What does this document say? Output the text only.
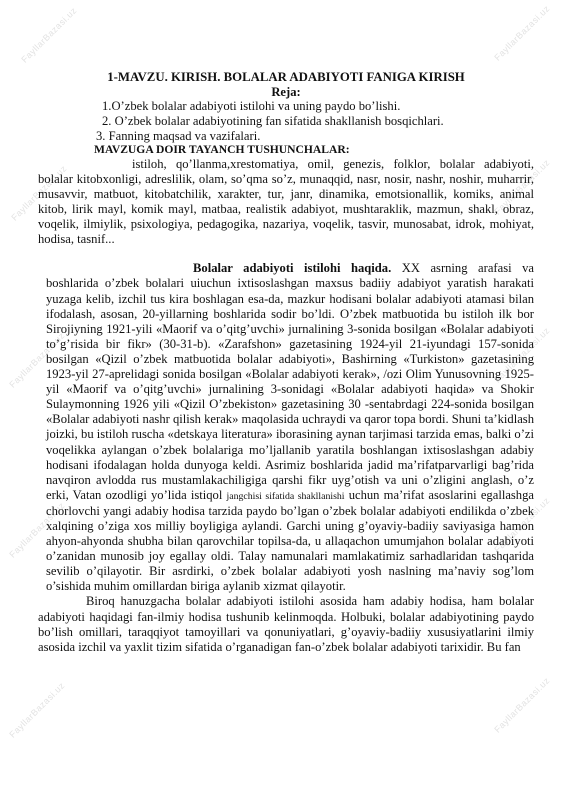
FayllarBazasi.uz	FayllarBazasi.uz
FayllarBazasi.uz	FayllarBazasi.uz
FayllarBazasi.uz	FayllarBazasi.uz
FayllarBazasi.uz	FayllarBazasi.uz
FayllarBazasi.uz	FayllarBazasi.uz

1-MAVZU. KIRISH. BOLALAR ADABIYOTI FANIGA KIRISH

Reja:

1.O’zbek bolalar adabiyoti istilohi va uning paydo bo’lishi.
2. O’zbek bolalar adabiyotining fan sifatida shakllanish bosqichlari.
3. Fanning maqsad va vazifalari.

MAVZUGA DOIR TAYANCH TUSHUNCHALAR:

istiloh, qo’llanma,xrestomatiya, omil, genezis, folklor, bolalar adabiyoti, bolalar kitobxonligi, adreslilik, olam, so’qma so’z, munaqqid, nasr, nosir, nashr, noshir, muharrir, musavvir, matbuot, kitobatchilik, xarakter, tur, janr, dinamika, emotsionallik, komiks, animal kitob, lirik mayl, komik mayl, matbaa, realistik adabiyot, mushtaraklik, mazmun, shakl, obraz, voqelik, ilmiylik, psixologiya, pedagogika, nazariya, voqelik, tasvir, munosabat, idrok, mohiyat, hodisa, tasnif...

Bolalar adabiyoti istilohi haqida. XX asrning arafasi va boshlarida o’zbek bolalari uiuchun ixtisoslashgan maxsus badiiy adabiyot yaratish harakati yuzaga kelib, izchil tus kira boshlagan esa-da, mazkur hodisani bolalar adabiyoti atamasi bilan ifodalash, asosan, 20-yillarning boshlarida sodir bo’ldi. O’zbek matbuotida bu istiloh ilk bor Sirojiyning 1921-yili «Maorif va o’qitg’uvchi» jurnalining 3-sonida bosilgan «Bolalar adabiyoti to’g’risida bir fikr» (30-31-b). «Zarafshon» gazetasining 1924-yil 21-iyundagi 157-sonida bosilgan «Qizil o’zbek matbuotida bolalar adabiyoti», Bashirning «Turkiston» gazetasining 1923-yil 27-aprelidagi sonida bosilgan «Bolalar adabiyoti kerak», /ozi Olim Yunusovning 1925-yil «Maorif va o’qitg’uvchi» jurnalining 3-sonidagi «Bolalar adabiyoti haqida» va Shokir Sulaymonning 1926 yili «Qizil O’zbekiston» gazetasining 30 -sentabrdagi 224-sonida bosilgan «Bolalar adabiyoti nashr qilish kerak» maqolasida uchraydi va qaror topa bordi. Shuni ta’kidlash joizki, bu istiloh ruscha «detskaya literatura» iborasining aynan tarjimasi tarzida emas, balki o’zi voqelikka aylangan o’zbek bolalariga mo’ljallanib yaratila boshlangan ixtisoslashgan adabiy hodisani ifodalagan holda dunyoga keldi. Asrimiz boshlarida jadid ma’rifatparvarligi bag’rida navqiron avlodda rus mustamlakachiligiga qarshi fikr uyg’otish va uni o’zligini anglash, o’z erki, Vatan ozodligi yo’lida istiqol jangchisi sifatida shakllanishi uchun ma’rifat asoslarini egallashga chorlovchi yangi adabiy hodisa tarzida paydo bo’lgan o’zbek bolalar adabiyoti endilikda o’zbek xalqining o’ziga xos milliy boyligiga aylandi. Garchi uning g’oyaviy-badiiy saviyasiga hamon ahyon-ahyonda shubha bilan qarovchilar topilsa-da, u allaqachon umumjahon bolalar adabiyoti o’zanidan munosib joy egallay oldi. Talay namunalari mamlakatimiz sarhadlaridan tashqarida sevilib o’qilayotir. Bir asrdirki, o’zbek bolalar adabiyoti yosh naslning ma’naviy sog’lom o’sishida muhim omillardan biriga aylanib xizmat qilayotir.

Biroq hanuzgacha bolalar adabiyoti istilohi asosida ham adabiy hodisa, ham bolalar adabiyoti haqidagi fan-ilmiy hodisa tushunib kelinmoqda. Holbuki, bolalar adabiyotining paydo bo’lish omillari, taraqqiyot tamoyillari va qonuniyatlari, g’oyaviy-badiiy xususiyatlarini ilmiy asosida izchil va yaxlit tizim sifatida o’rganadigan fan-o’zbek bolalar adabiyoti tarixidir. Bu fan
